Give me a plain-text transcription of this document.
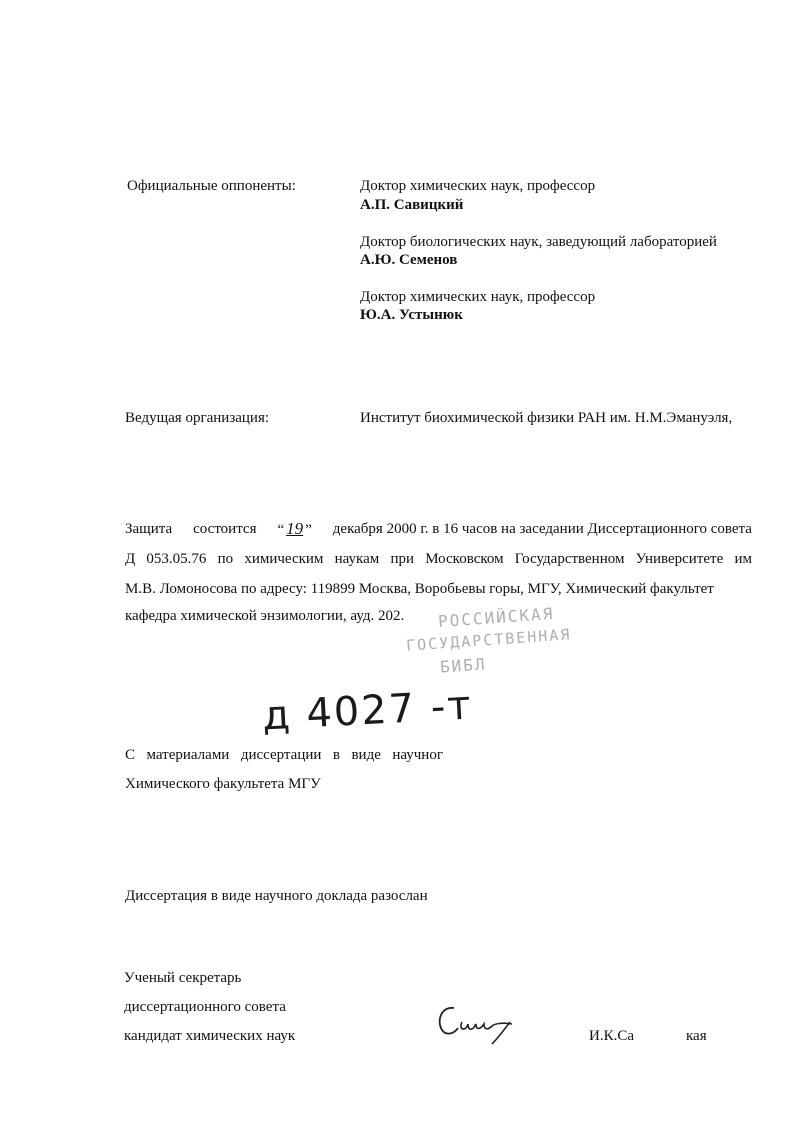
Официальные оппоненты:	Доктор химических наук, профессор
А.П. Савицкий
Доктор биологических наук, заведующий лабораторией
А.Ю. Семенов
Доктор химических наук, профессор
Ю.А. Устынюк
Ведущая организация:	Институт биохимической физики РАН им. Н.М.Эмануэля,
Защита состоится “ 19 ” декабря 2000 г. в 16 часов на заседании Диссертационного совета
Д 053.05.76 по химическим наукам при Московском Государственном Университете им
М.В. Ломоносова по адресу: 119899 Москва, Воробьевы горы, МГУ, Химический факультет
кафедра химической энзимологии, ауд. 202. РОССИЙСКАЯ
ГОСУДАРСТВЕННАЯ
БИБЛ
д 4027 -т
С материалами диссертации в виде научног
Химического факультета МГУ
Диссертация в виде научного доклада разослан
Ученый секретарь
диссертационного совета
кандидат химических наук	И.К.Са	кая
